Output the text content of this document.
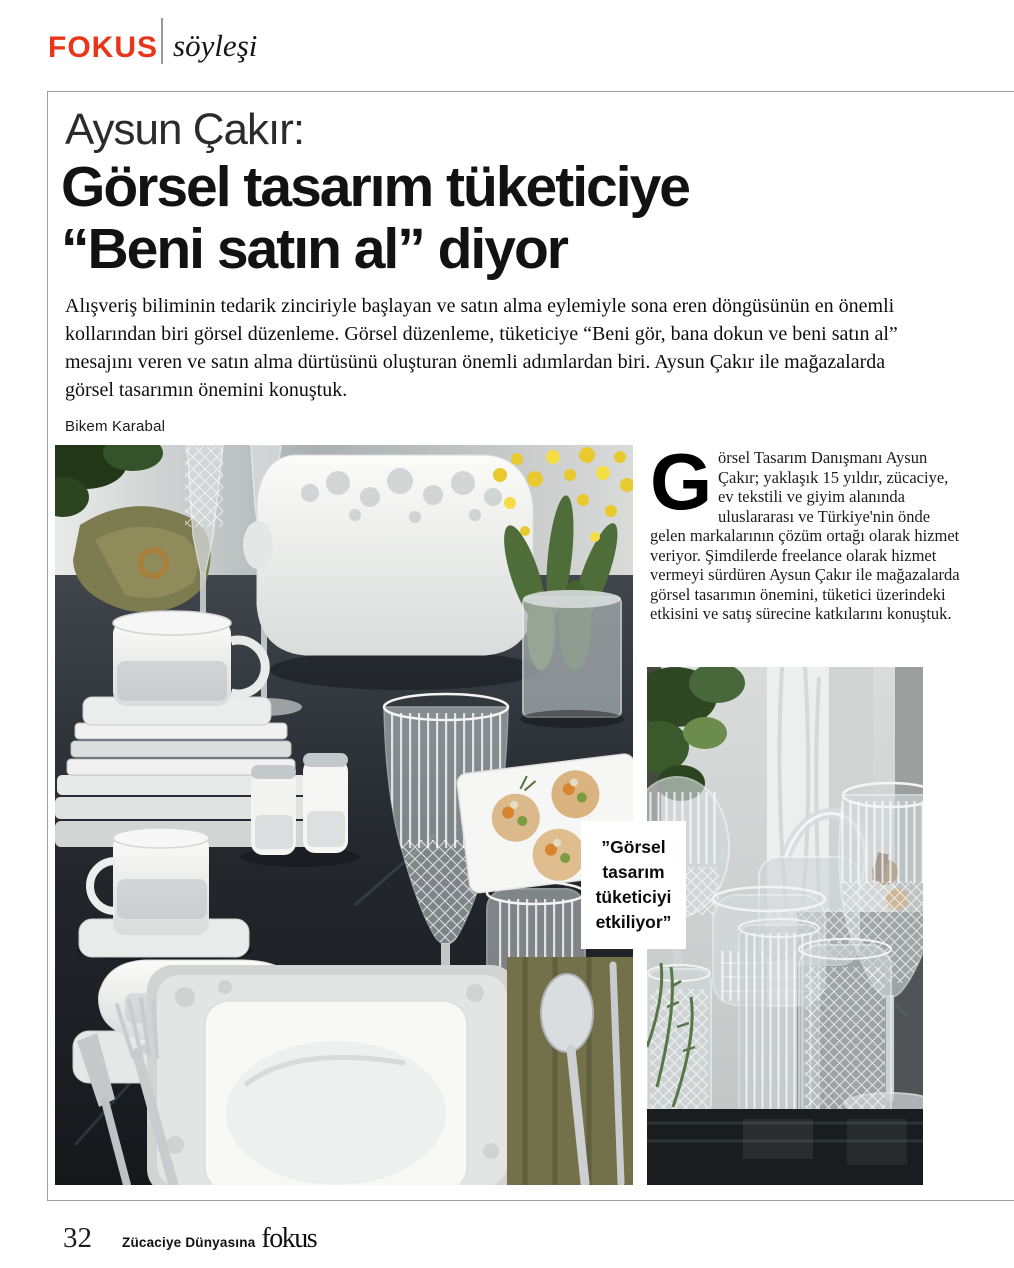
FOKUS söyleşi
Aysun Çakır:
Görsel tasarım tüketiciye
“Beni satın al” diyor

Alışveriş biliminin tedarik zinciriyle başlayan ve satın alma eylemiyle sona eren döngüsünün en önemli kollarından biri görsel düzenleme. Görsel düzenleme, tüketiciye “Beni gör, bana dokun ve beni satın al” mesajını veren ve satın alma dürtüsünü oluşturan önemli adımlardan biri. Aysun Çakır ile mağazalarda görsel tasarımın önemini konuştuk.

Bikem Karabal
Görsel Tasarım Danışmanı Aysun Çakır; yaklaşık 15 yıldır, zücaciye, ev tekstili ve giyim alanında uluslararası ve Türkiye'nin önde gelen markalarının çözüm ortağı olarak hizmet veriyor. Şimdilerde freelance olarak hizmet vermeyi sürdüren Aysun Çakır ile mağazalarda görsel tasarımın önemini, tüketici üzerindeki etkisini ve satış sürecine katkılarını konuştuk.
”Görsel tasarım tüketiciyi etkiliyor”
32 Zücaciye Dünyasına fokus
